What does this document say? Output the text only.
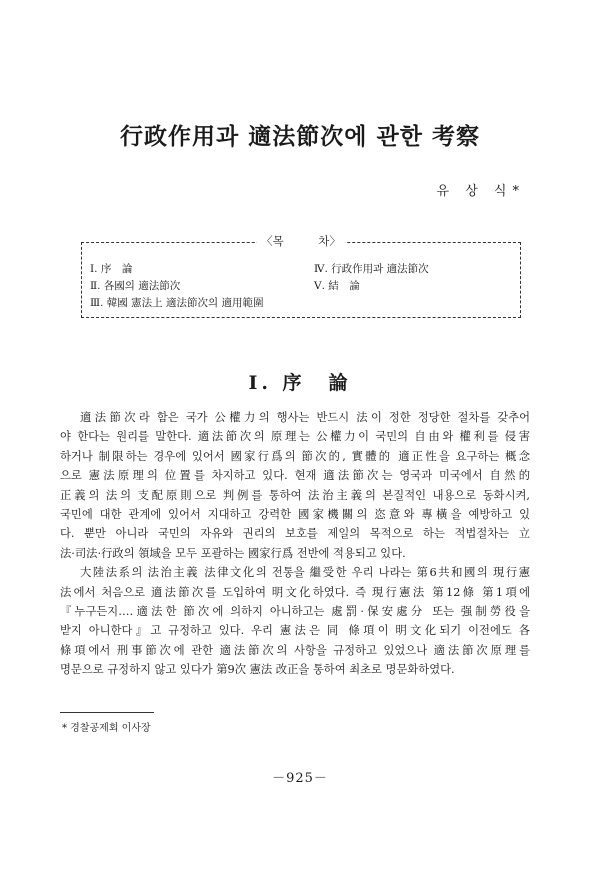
行政作用과 適法節次에 관한 考察
유 상 식*
〈목　　　차〉
Ⅰ. 序　論
Ⅱ. 各國의 適法節次
Ⅲ. 韓國 憲法上 適法節次의 適用範圍
Ⅳ. 行政作用과 適法節次
Ⅴ. 結　論
Ⅰ. 序　論
適法節次라 함은 국가 公權力의 행사는 반드시 法이 정한 정당한 절차를 갖추어
야 한다는 원리를 말한다. 適法節次의 原理는 公權力이 국민의 自由와 權利를 侵害
하거나 制限하는 경우에 있어서 國家行爲의 節次的, 實體的 適正性을 요구하는 概念
으로 憲法原理의 位置를 차지하고 있다. 현재 適法節次는 영국과 미국에서 自然的
正義의 法의 支配原則으로 判例를 통하여 法治主義의 본질적인 내용으로 동화시켜,
국민에 대한 관계에 있어서 지대하고 강력한 國家機關의 恣意와 專橫을 예방하고 있
다. 뿐만 아니라 국민의 자유와 권리의 보호를 제일의 목적으로 하는 적법절차는 立
法·司法·行政의 領域을 모두 포괄하는 國家行爲 전반에 적용되고 있다.
大陸法系의 法治主義 法律文化의 전통을 繼受한 우리 나라는 第6共和國의 現行憲
法에서 처음으로 適法節次를 도입하여 明文化하였다. 즉 現行憲法 第12條 第1項에
『누구든지‥‥適法한 節次에 의하지 아니하고는 處罰·保安處分 또는 强制勞役을
받지 아니한다』고 규정하고 있다. 우리 憲法은 同 條項이 明文化되기 이전에도 各
條項에서 刑事節次에 관한 適法節次의 사항을 규정하고 있었으나 適法節次原理를
명문으로 규정하지 않고 있다가 第9次 憲法 改正을 통하여 최초로 명문화하였다.
* 경찰공제회 이사장
－925－
